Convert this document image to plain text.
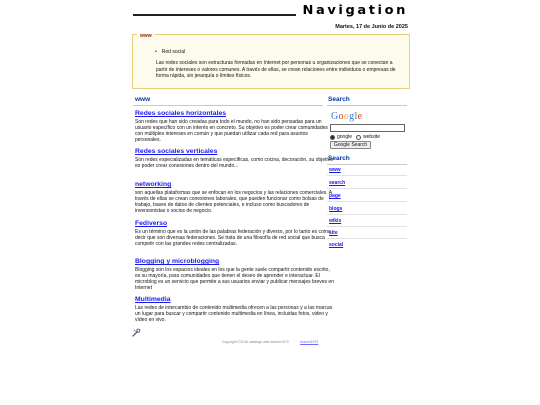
Navigation
Martes, 17 de Junio de 2025
www
• Red social
Las redes sociales son estructuras formadas en Internet por personas u organizaciones que se conectan a partir de intereses o valores comunes. A través de ellas, se crean relaciones entre individuos o empresas de forma rápida, sin jerarquía o límites físicos.
www
Redes sociales horizontales
Son redes que han sido creadas para todo el mundo, no han sido pensadas para un usuario específico con un interés en concreto. Su objetivo es poder crear comunidades con múltiples intereses en común y que puedan utilizar cada red para asuntos personales.
Redes sociales verticales
Son redes especializadas en temáticas específicas, como cocina, decoración, su objetivo es poder crear conexiones dentro del mundo...
networking
son aquellas plataformas que se enfocan en los negocios y las relaciones comerciales. A través de ellas se crean conexiones laborales, que pueden funcionar como bolsas de trabajo, bases de datos de clientes potenciales, e incluso como buscadores de inversionistas o socios de negocio.
Fediverso
Es un término que es la unión de las palabras federación y diverso, por lo tanto es como decir que son diversas federaciones. Se trata de una filosofía de red social que busca competir con las grandes redes centralizadas.
Blogging y microblogging
Blogging son los espacios ideales en los que la gente suele compartir contenido escrito, es su mayoría, para comunidades que tienen el deseo de aprender e interactuar. El microblog es un servicio que permite a sus usuarios enviar y publicar mensajes breves en Internet
Multimedia
Las redes de intercambio de contenido multimedia ofrecen a las personas y a las marcas un lugar para buscar y compartir contenido multimedia en línea, incluidas fotos, video y vídeo en vivo.
Copyright ©2016 catalogo web search1972 · search1972
Search
Google
google website
Google Search
Search
www
search
page
blogs
wikis
site
social
